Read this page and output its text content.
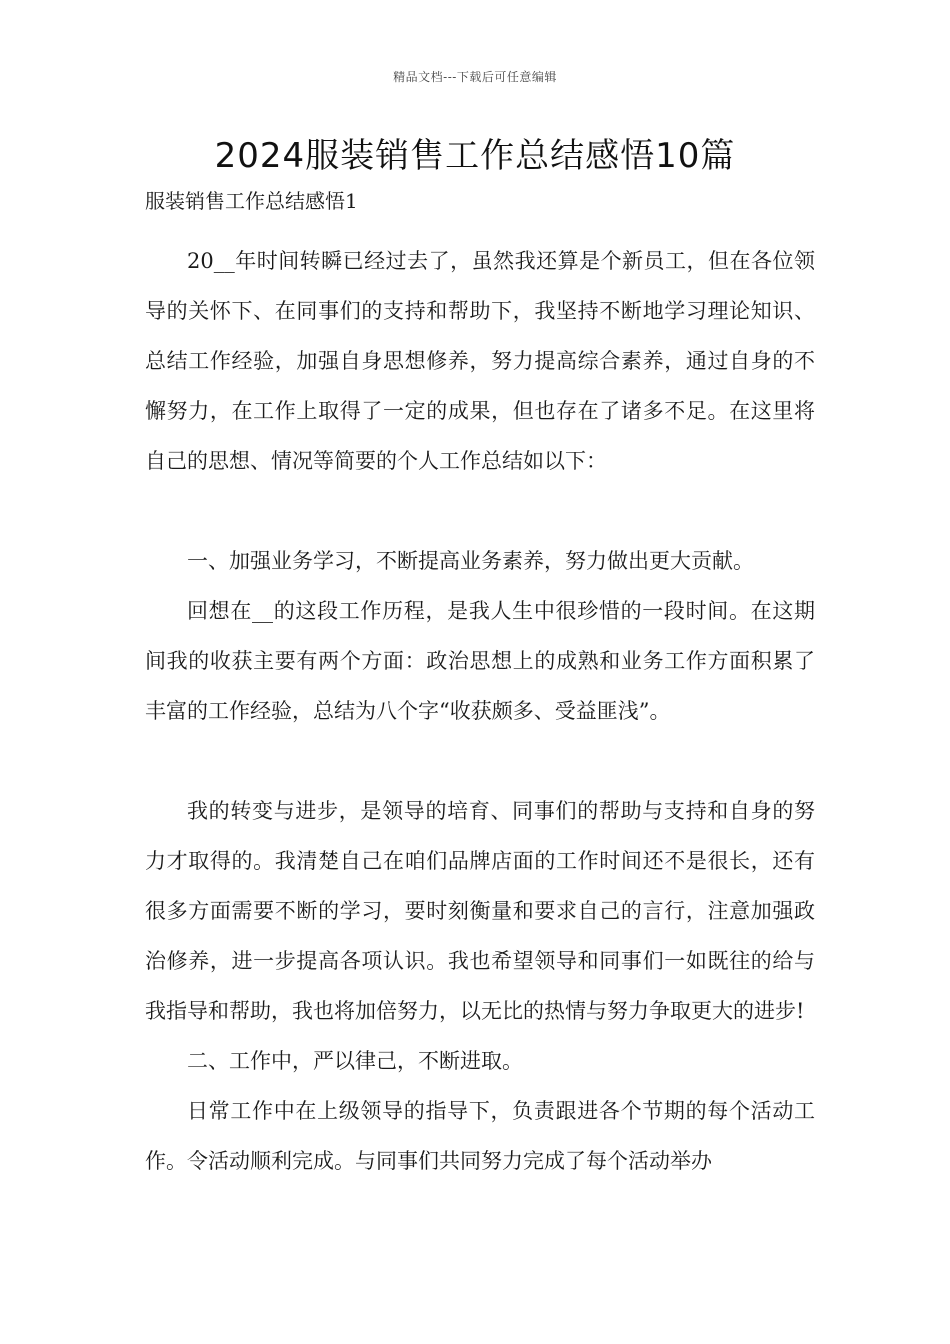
精品文档---下载后可任意编辑
2024服装销售工作总结感悟10篇

服装销售工作总结感悟1

20__年时间转瞬已经过去了，虽然我还算是个新员工，但在各位领导的关怀下、在同事们的支持和帮助下，我坚持不断地学习理论知识、总结工作经验，加强自身思想修养，努力提高综合素养，通过自身的不懈努力，在工作上取得了一定的成果，但也存在了诸多不足。在这里将自己的思想、情况等简要的个人工作总结如以下：

一、加强业务学习，不断提高业务素养，努力做出更大贡献。

回想在__的这段工作历程，是我人生中很珍惜的一段时间。在这期间我的收获主要有两个方面：政治思想上的成熟和业务工作方面积累了丰富的工作经验，总结为八个字“收获颇多、受益匪浅”。

我的转变与进步，是领导的培育、同事们的帮助与支持和自身的努力才取得的。我清楚自己在咱们品牌店面的工作时间还不是很长，还有很多方面需要不断的学习，要时刻衡量和要求自己的言行，注意加强政治修养，进一步提高各项认识。我也希望领导和同事们一如既往的给与我指导和帮助，我也将加倍努力，以无比的热情与努力争取更大的进步!

二、工作中，严以律己，不断进取。

日常工作中在上级领导的指导下，负责跟进各个节期的每个活动工作。令活动顺利完成。与同事们共同努力完成了每个活动举办
